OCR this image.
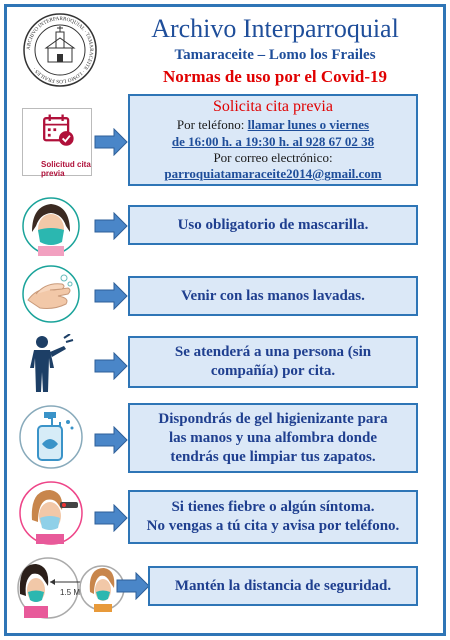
ARCHIVO INTERPARROQUIAL · TAMARACEITE · LOMO LOS FRAILES ·
Archivo Interparroquial
Tamaraceite – Lomo los Frailes
Normas de uso por el Covid-19
Solicitud cita previa
Solicita cita previa
Por teléfono: llamar lunes o viernes
de 16:00 h. a 19:30 h. al 928 67 02 38
Por correo electrónico:
parroquiatamaraceite2014@gmail.com
Uso obligatorio de mascarilla.
Venir con las manos lavadas.
Se atenderá a una persona (sin
compañía) por cita.
Dispondrás de gel higienizante para
las manos y una alfombra donde
tendrás que limpiar tus zapatos.
Si tienes fiebre o algún síntoma.
No vengas a tú cita y avisa por teléfono.
1.5 M	Mantén la distancia de seguridad.
